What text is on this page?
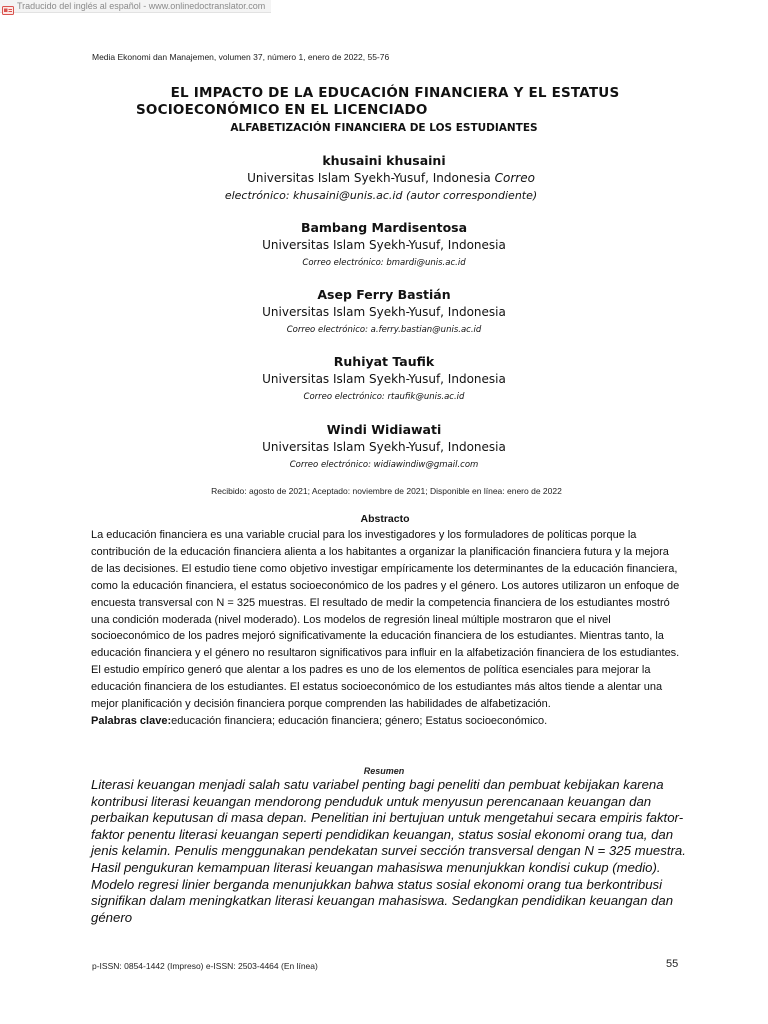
Traducido del inglés al español - www.onlinedoctranslator.com
Media Ekonomi dan Manajemen, volumen 37, número 1, enero de 2022, 55-76
EL IMPACTO DE LA EDUCACIÓN FINANCIERA Y EL ESTATUS
SOCIOECONÓMICO EN EL LICENCIADO
ALFABETIZACIÓN FINANCIERA DE LOS ESTUDIANTES
khusaini khusaini
Universitas Islam Syekh-Yusuf, Indonesia Correo
electrónico: khusaini@unis.ac.id (autor correspondiente)
Bambang Mardisentosa
Universitas Islam Syekh-Yusuf, Indonesia
Correo electrónico: bmardi@unis.ac.id
Asep Ferry Bastián
Universitas Islam Syekh-Yusuf, Indonesia
Correo electrónico: a.ferry.bastian@unis.ac.id
Ruhiyat Taufik
Universitas Islam Syekh-Yusuf, Indonesia
Correo electrónico: rtaufik@unis.ac.id
Windi Widiawati
Universitas Islam Syekh-Yusuf, Indonesia
Correo electrónico: widiawindiw@gmail.com
Recibido: agosto de 2021; Aceptado: noviembre de 2021; Disponible en línea: enero de 2022
Abstracto
La educación financiera es una variable crucial para los investigadores y los formuladores de políticas porque la contribución de la educación financiera alienta a los habitantes a organizar la planificación financiera futura y la mejora de las decisiones. El estudio tiene como objetivo investigar empíricamente los determinantes de la educación financiera, como la educación financiera, el estatus socioeconómico de los padres y el género. Los autores utilizaron un enfoque de encuesta transversal con N = 325 muestras. El resultado de medir la competencia financiera de los estudiantes mostró una condición moderada (nivel moderado). Los modelos de regresión lineal múltiple mostraron que el nivel socioeconómico de los padres mejoró significativamente la educación financiera de los estudiantes. Mientras tanto, la educación financiera y el género no resultaron significativos para influir en la alfabetización financiera de los estudiantes. El estudio empírico generó que alentar a los padres es uno de los elementos de política esenciales para mejorar la educación financiera de los estudiantes. El estatus socioeconómico de los estudiantes más altos tiende a alentar una mejor planificación y decisión financiera porque comprenden las habilidades de alfabetización.
Palabras clave:educación financiera; educación financiera; género; Estatus socioeconómico.
Resumen
Literasi keuangan menjadi salah satu variabel penting bagi peneliti dan pembuat kebijakan karena kontribusi literasi keuangan mendorong penduduk untuk menyusun perencanaan keuangan dan perbaikan keputusan di masa depan. Penelitian ini bertujuan untuk mengetahui secara empiris faktor-faktor penentu literasi keuangan seperti pendidikan keuangan, status sosial ekonomi orang tua, dan jenis kelamin. Penulis menggunakan pendekatan survei sección transversal dengan N = 325 muestra. Hasil pengukuran kemampuan literasi keuangan mahasiswa menunjukkan kondisi cukup (medio). Modelo regresi linier berganda menunjukkan bahwa status sosial ekonomi orang tua berkontribusi signifikan dalam meningkatkan literasi keuangan mahasiswa. Sedangkan pendidikan keuangan dan género
p-ISSN: 0854-1442 (Impreso) e-ISSN: 2503-4464 (En línea)	55
